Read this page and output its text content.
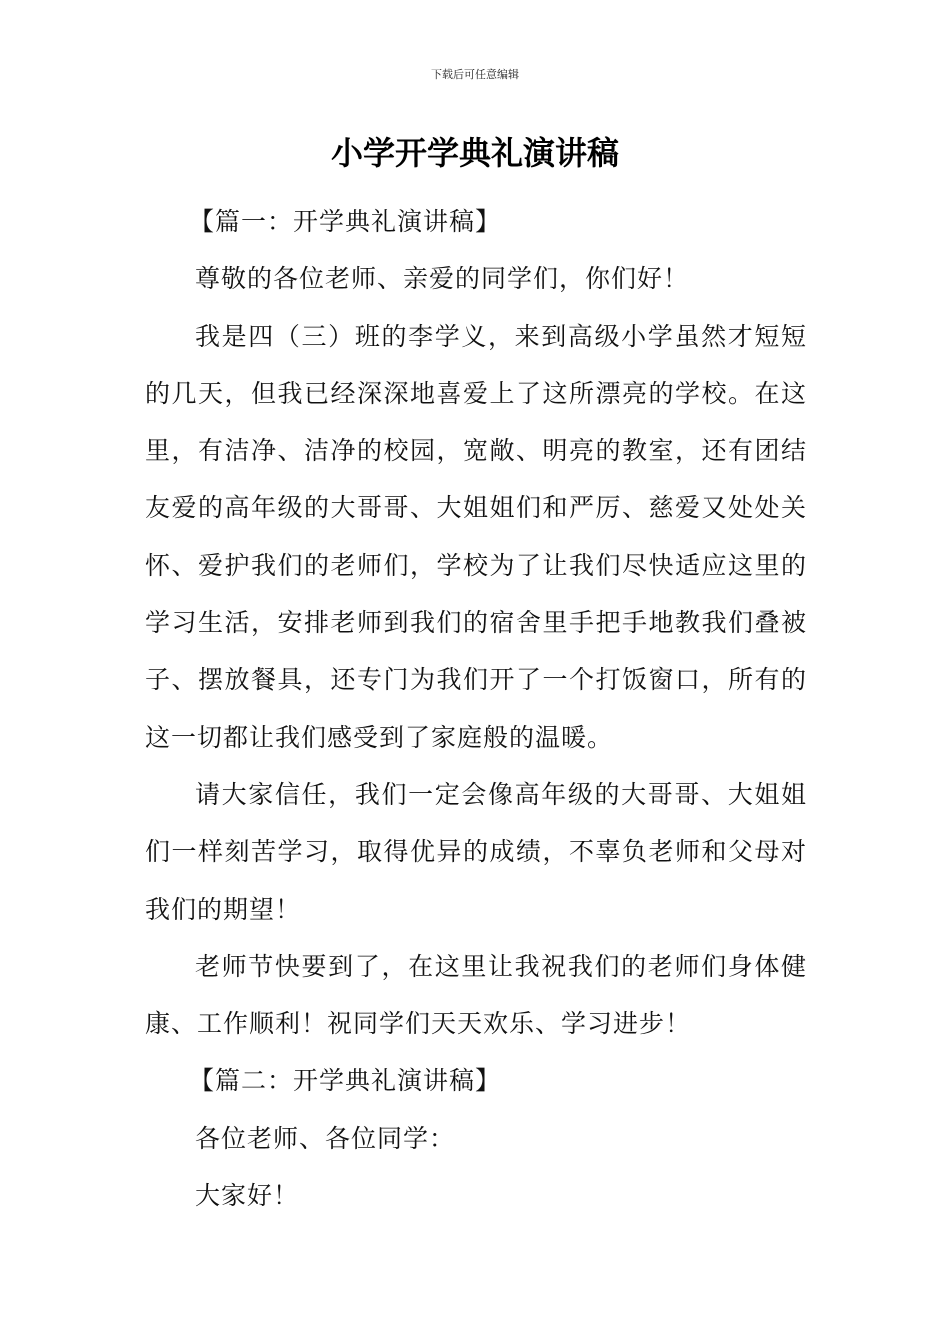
下载后可任意编辑
小学开学典礼演讲稿

【篇一：开学典礼演讲稿】

尊敬的各位老师、亲爱的同学们，你们好！

我是四（三）班的李学义，来到高级小学虽然才短短的几天，但我已经深深地喜爱上了这所漂亮的学校。在这里，有洁净、洁净的校园，宽敞、明亮的教室，还有团结友爱的高年级的大哥哥、大姐姐们和严厉、慈爱又处处关怀、爱护我们的老师们，学校为了让我们尽快适应这里的学习生活，安排老师到我们的宿舍里手把手地教我们叠被子、摆放餐具，还专门为我们开了一个打饭窗口，所有的这一切都让我们感受到了家庭般的温暖。

请大家信任，我们一定会像高年级的大哥哥、大姐姐们一样刻苦学习，取得优异的成绩，不辜负老师和父母对我们的期望！

老师节快要到了，在这里让我祝我们的老师们身体健康、工作顺利！祝同学们天天欢乐、学习进步！

【篇二：开学典礼演讲稿】

各位老师、各位同学：

大家好！
